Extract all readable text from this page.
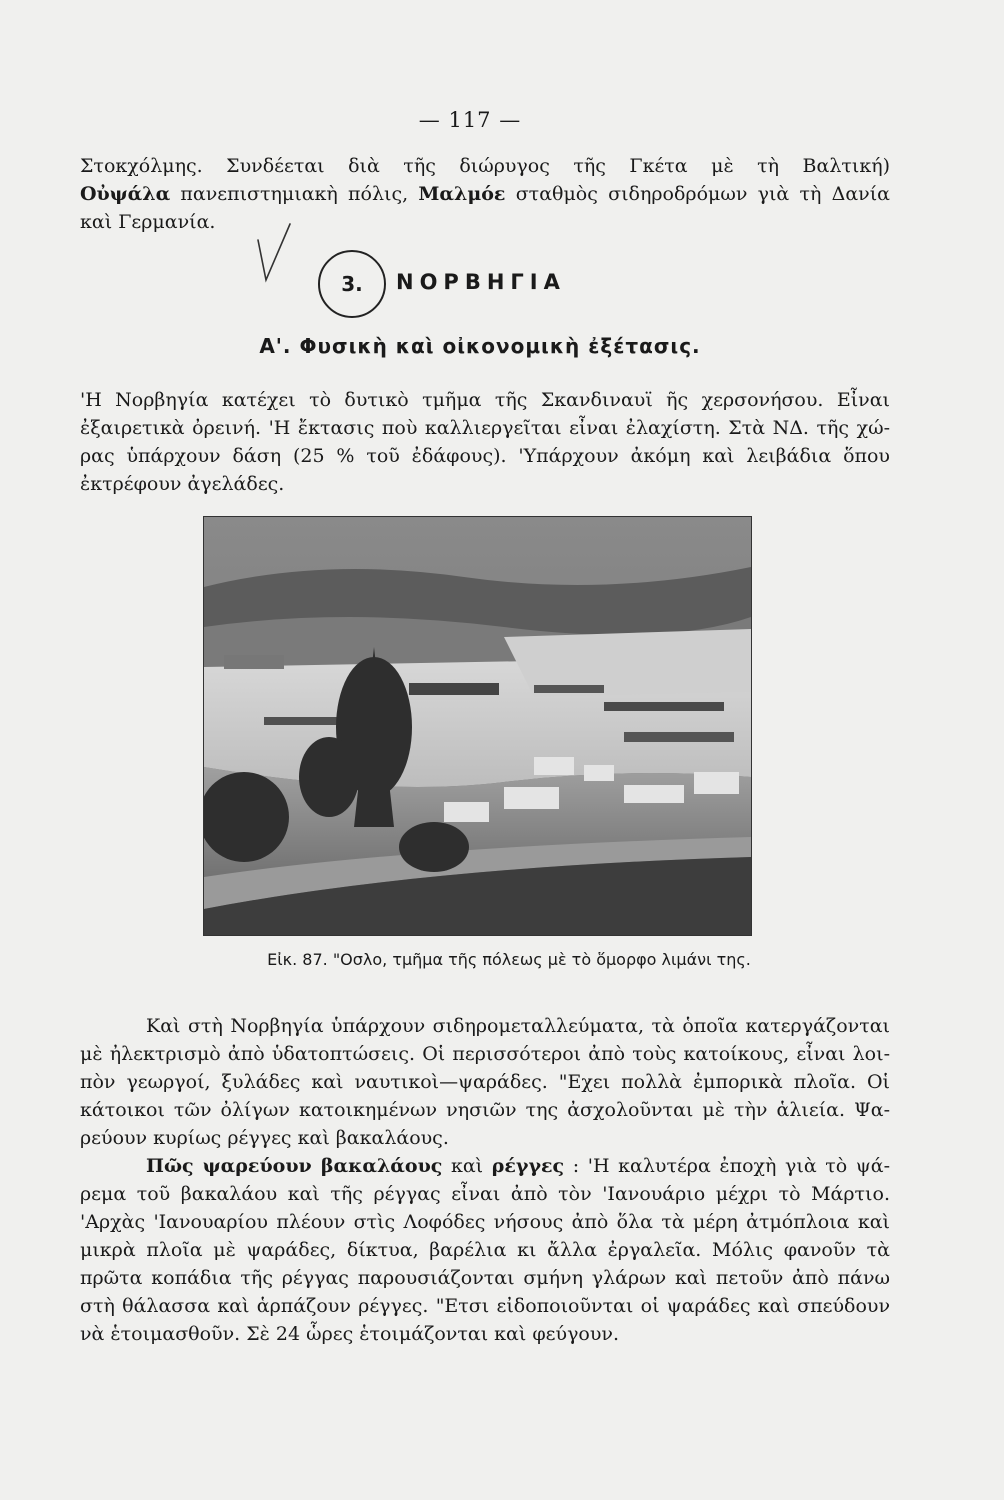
— 117 —
Στοκχόλμης. Συνδέεται διὰ τῆς διώρυγος τῆς Γκέτα μὲ τὴ Βαλτική)
Οὐψάλα πανεπιστημιακὴ πόλις, Μαλμόε σταθμὸς σιδηροδρόμων γιὰ τὴ Δανία
καὶ Γερμανία.
3.	ΝΟΡΒΗΓΙΑ
Α'. Φυσικὴ καὶ οἰκονομικὴ ἐξέτασις.
'Η Νορβηγία κατέχει τὸ δυτικὸ τμῆμα τῆς Σκανδιναυϊ ῆς χερσονήσου. Εἶναι
ἐξαιρετικὰ ὀρεινή. 'Η ἔκτασις ποὺ καλλιεργεῖται εἶναι ἐλαχίστη. Στὰ ΝΔ. τῆς χώ-
ρας ὑπάρχουν δάση (25 % τοῦ ἐδάφους). 'Υπάρχουν ἀκόμη καὶ λειβάδια ὅπου
ἐκτρέφουν ἀγελάδες.
Εἰκ. 87. "Οσλο, τμῆμα τῆς πόλεως μὲ τὸ ὅμορφο λιμάνι της.
Καὶ στὴ Νορβηγία ὑπάρχουν σιδηρομεταλλεύματα, τὰ ὁποῖα κατεργάζονται
μὲ ἠλεκτρισμὸ ἀπὸ ὑδατοπτώσεις. Οἱ περισσότεροι ἀπὸ τοὺς κατοίκους, εἶναι λοι-
πὸν γεωργοί, ξυλάδες καὶ ναυτικοὶ—ψαράδες. "Εχει πολλὰ ἐμπορικὰ πλοῖα. Οἱ
κάτοικοι τῶν ὀλίγων κατοικημένων νησιῶν της ἀσχολοῦνται μὲ τὴν ἁλιεία. Ψα-
ρεύουν κυρίως ρέγγες καὶ βακαλάους.
Πῶς ψαρεύουν βακαλάους καὶ ρέγγες : 'Η καλυτέρα ἐποχὴ γιὰ τὸ ψά-
ρεμα τοῦ βακαλάου καὶ τῆς ρέγγας εἶναι ἀπὸ τὸν 'Ιανουάριο μέχρι τὸ Μάρτιο.
'Αρχὰς 'Ιανουαρίου πλέουν στὶς Λοφόδες νήσους ἀπὸ ὅλα τὰ μέρη ἀτμόπλοια καὶ
μικρὰ πλοῖα μὲ ψαράδες, δίκτυα, βαρέλια κι ἄλλα ἐργαλεῖα. Μόλις φανοῦν τὰ
πρῶτα κοπάδια τῆς ρέγγας παρουσιάζονται σμήνη γλάρων καὶ πετοῦν ἀπὸ πάνω
στὴ θάλασσα καὶ ἁρπάζουν ρέγγες. "Ετσι εἰδοποιοῦνται οἱ ψαράδες καὶ σπεύδουν
νὰ ἑτοιμασθοῦν. Σὲ 24 ὧρες ἑτοιμάζονται καὶ φεύγουν.
